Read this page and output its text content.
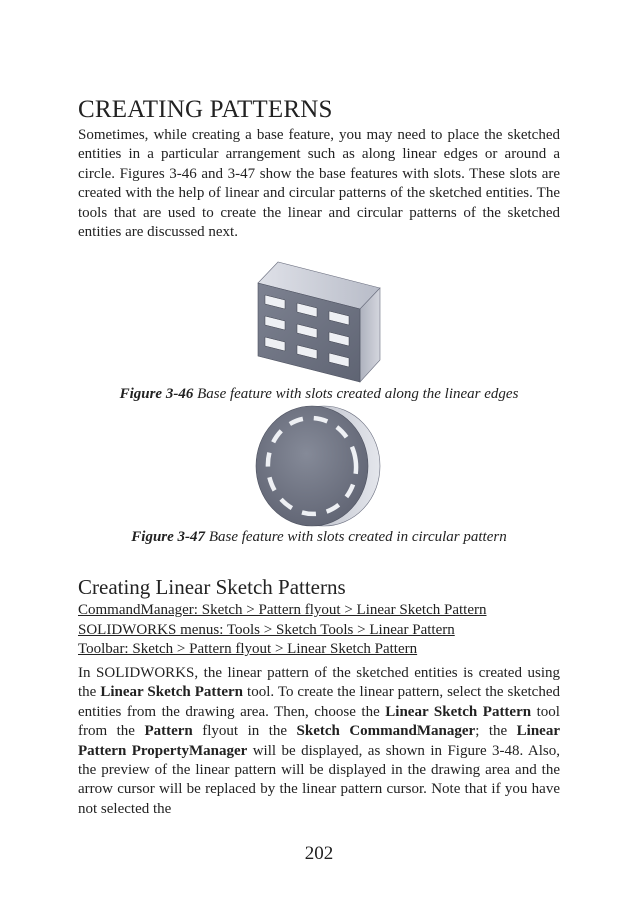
CREATING PATTERNS

Sometimes, while creating a base feature, you may need to place the sketched entities in a particular arrangement such as along linear edges or around a circle. Figures 3-46 and 3-47 show the base features with slots. These slots are created with the help of linear and circular patterns of the sketched entities. The tools that are used to create the linear and circular patterns of the sketched entities are discussed next.

Figure 3-46 Base feature with slots created along the linear edges
Figure 3-47 Base feature with slots created in circular pattern
Creating Linear Sketch Patterns
CommandManager: Sketch > Pattern flyout > Linear Sketch Pattern
SOLIDWORKS menus: Tools > Sketch Tools > Linear Pattern
Toolbar: Sketch > Pattern flyout > Linear Sketch Pattern

In SOLIDWORKS, the linear pattern of the sketched entities is created using the Linear Sketch Pattern tool. To create the linear pattern, select the sketched entities from the drawing area. Then, choose the Linear Sketch Pattern tool from the Pattern flyout in the Sketch CommandManager; the Linear Pattern PropertyManager will be displayed, as shown in Figure 3-48. Also, the preview of the linear pattern will be displayed in the drawing area and the arrow cursor will be replaced by the linear pattern cursor. Note that if you have not selected the

202
